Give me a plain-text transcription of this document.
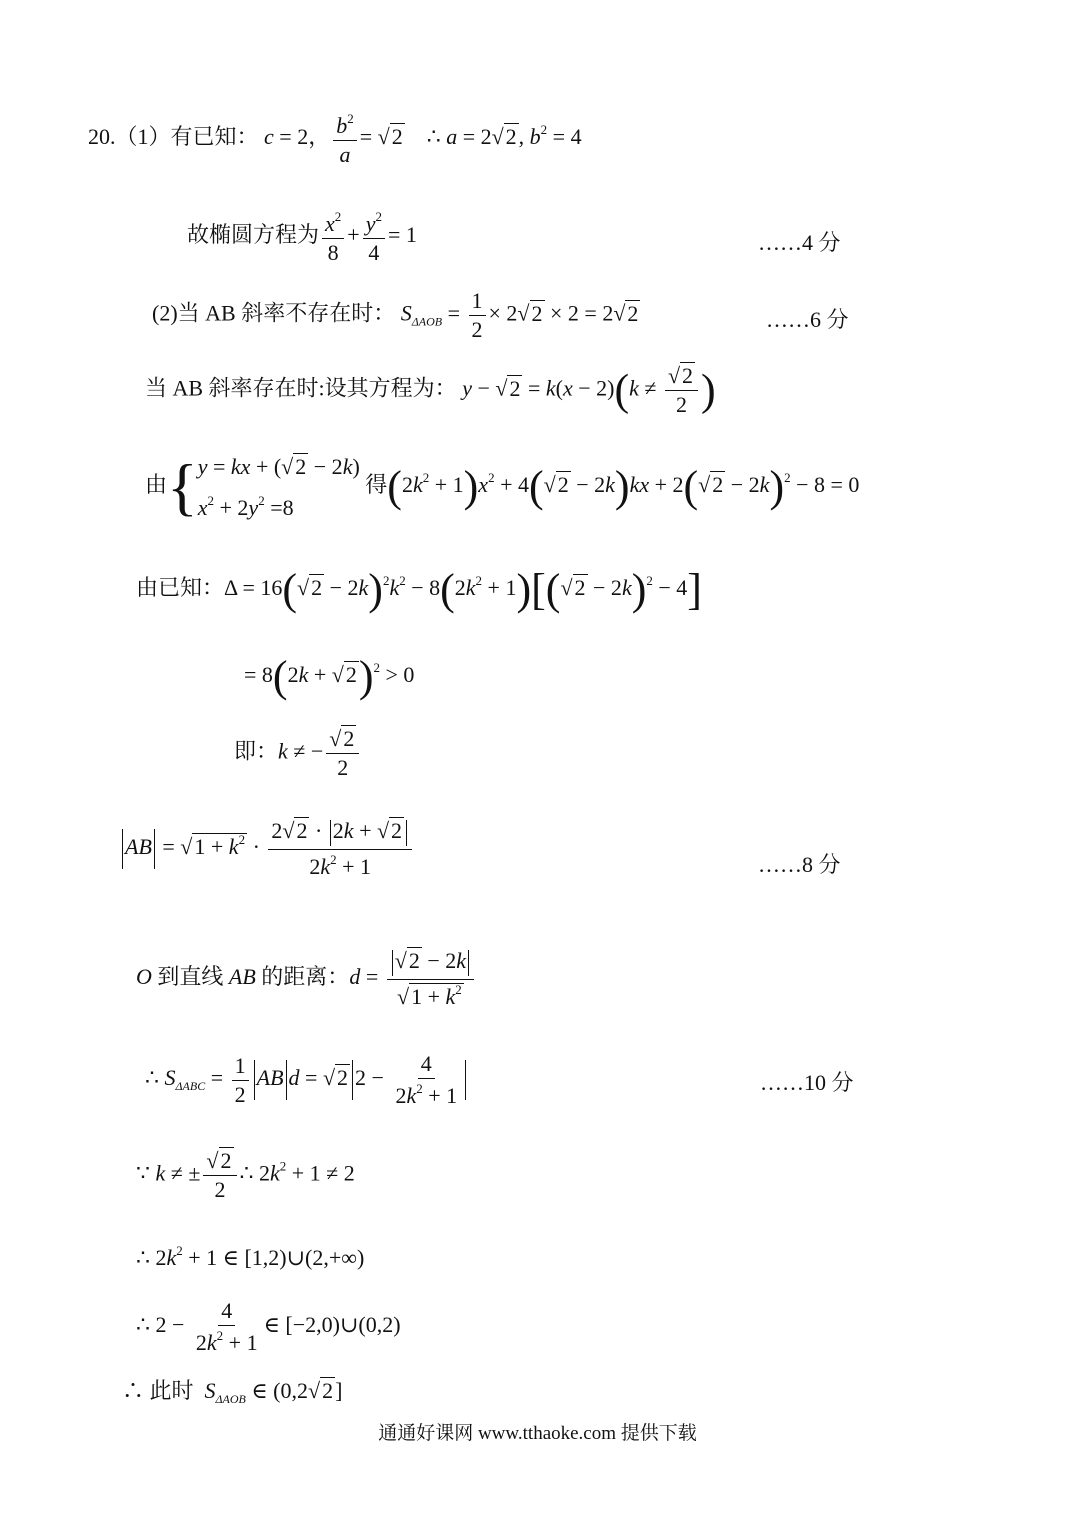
20.（1）有已知： c = 2， $\frac{b^2}{a} = √2$    ∴ a = 2√2, $b^2 = 4$
故椭圆方程为 $\frac{x^2}{8} + \frac{y^2}{4} = 1$	……4 分
(2)当 AB 斜率不存在时： $S_{\Delta AOB} = \frac{1}{2} \times 2√2 \times 2 = 2√2$	……6 分
当 AB 斜率存在时:设其方程为： $y - √2 = k(x - 2)(k \ne \frac{√2}{2}$ )
由{ y = kx + (√2 − 2k)
$x^2 + 2y^2 =8$
得$(2k^2 + 1)x^2 + 4(√2 - 2k)kx + 2(√2 - 2k)^2 - 8 = 0$
由已知：$\Delta = 16(√2 - 2k)^2k^2 - 8(2k^2 + 1)[(√2 - 2k)^2 - 4]$
= $8(2k + √2)^2 > 0$
即：k ≠ − $\frac{√2}{2}$
AB = $√1 + k^2 \cdot \frac{2√2 \cdot 2k + √2}{2k^2 + 1}$	……8 分
O 到直线 AB 的距离：$d = \frac{√2 - 2k}{√1 + k^2}$
∴ $S_{\Delta ABC} = \frac{1}{2}$ AB d = √2 $2 - \frac{4}{2k^2 + 1}$	……10 分
∵ k ≠ ± $\frac{√2}{2}$ ∴ $2k^2 + 1 \ne 2$
∴ $2k^2 + 1$ ∈ [1,2)∪(2,+∞)
∴ $2 - \frac{4}{2k^2 + 1}$ ∈ [−2,0)∪(0,2)
∴ 此时  $S_{\Delta AOB}$ ∈ (0,2√2]
通通好课网 www.tthaoke.com 提供下载
